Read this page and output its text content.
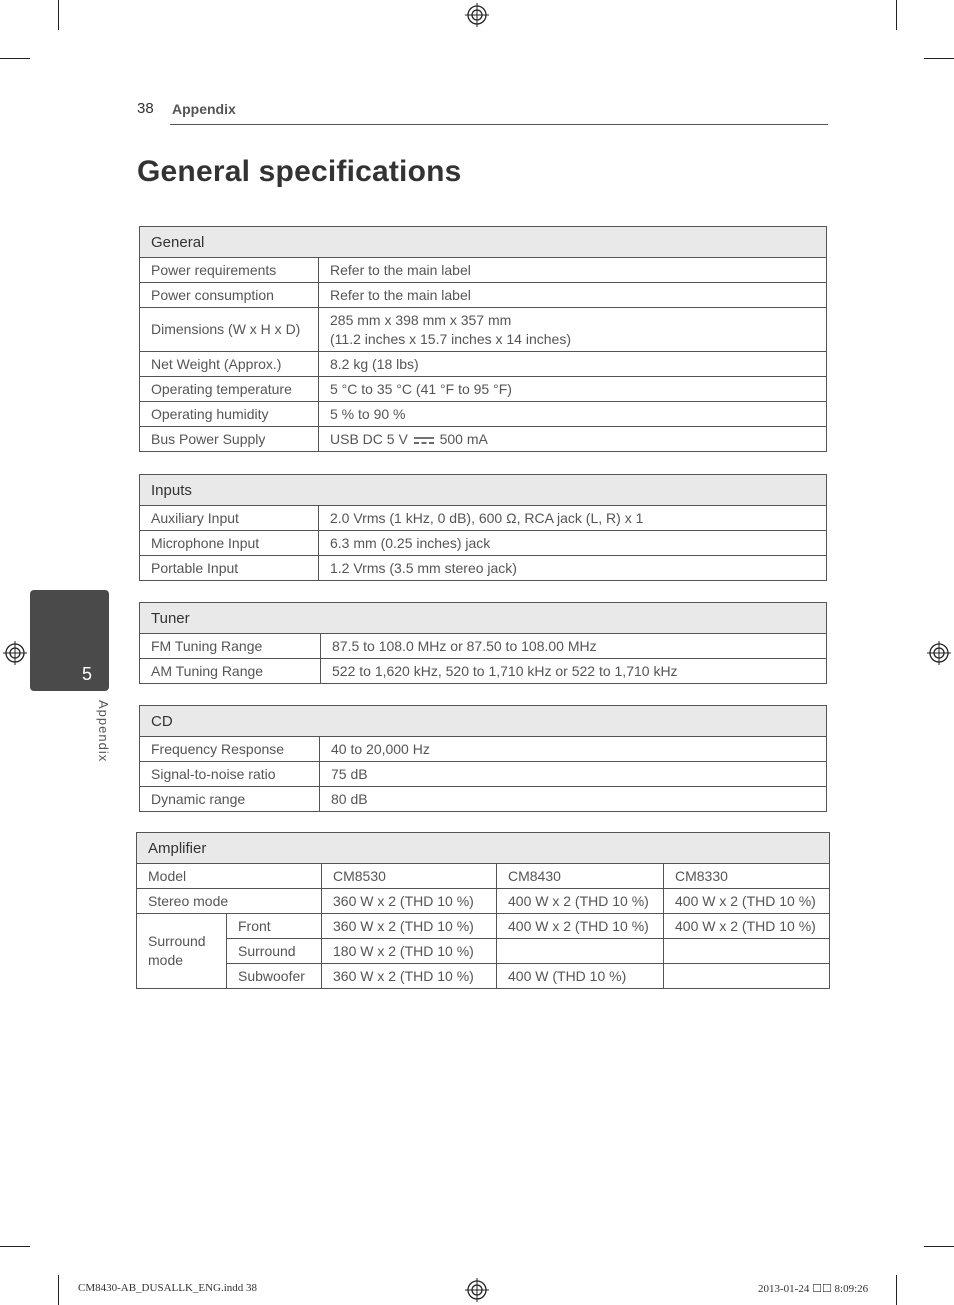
38 Appendix
General specifications
5
Appendix
General	
Power requirements	Refer to the main label
Power consumption	Refer to the main label
Dimensions (W x H x D)	285 mm x 398 mm x 357 mm
(11.2 inches x 15.7 inches x 14 inches)

Net Weight (Approx.)	8.2 kg (18 lbs)
Operating temperature	5 °C to 35 °C (41 °F to 95 °F)
Operating humidity	5 % to 90 %
Bus Power Supply	USB DC 5 V 500 mA
Inputs	
Auxiliary Input	2.0 Vrms (1 kHz, 0 dB), 600 Ω, RCA jack (L, R) x 1
Microphone Input	6.3 mm (0.25 inches) jack
Portable Input	1.2 Vrms (3.5 mm stereo jack)
Tuner	
FM Tuning Range	87.5 to 108.0 MHz or 87.50 to 108.00 MHz
AM Tuning Range	522 to 1,620 kHz, 520 to 1,710 kHz or 522 to 1,710 kHz
CD	
Frequency Response	40 to 20,000 Hz
Signal-to-noise ratio	75 dB
Dynamic range	80 dB
Amplifier				
Model		CM8530	CM8430	CM8330
Stereo mode		360 W x 2 (THD 10 %)	400 W x 2 (THD 10 %)	400 W x 2 (THD 10 %)

Surround
mode	Front	360 W x 2 (THD 10 %)	400 W x 2 (THD 10 %)	400 W x 2 (THD 10 %)
	Surround	180 W x 2 (THD 10 %)		
	Subwoofer	360 W x 2 (THD 10 %)	400 W (THD 10 %)	
CM8430-AB_DUSALLK_ENG.indd 38	2013-01-24 ☐☐ 8:09:26
